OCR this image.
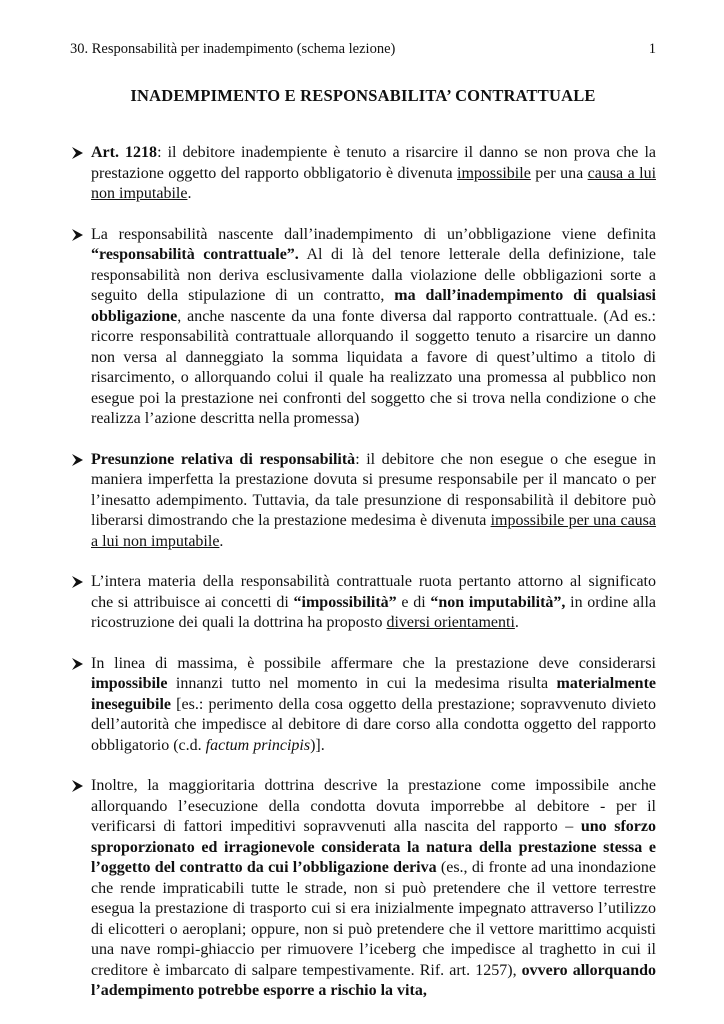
30. Responsabilità per inadempimento (schema lezione)	1
INADEMPIMENTO E RESPONSABILITA’ CONTRATTUALE
Art. 1218: il debitore inadempiente è tenuto a risarcire il danno se non prova che la prestazione oggetto del rapporto obbligatorio è divenuta impossibile per una causa a lui non imputabile.
La responsabilità nascente dall’inadempimento di un’obbligazione viene definita “responsabilità contrattuale”. Al di là del tenore letterale della definizione, tale responsabilità non deriva esclusivamente dalla violazione delle obbligazioni sorte a seguito della stipulazione di un contratto, ma dall’inadempimento di qualsiasi obbligazione, anche nascente da una fonte diversa dal rapporto contrattuale. (Ad es.: ricorre responsabilità contrattuale allorquando il soggetto tenuto a risarcire un danno non versa al danneggiato la somma liquidata a favore di quest’ultimo a titolo di risarcimento, o allorquando colui il quale ha realizzato una promessa al pubblico non esegue poi la prestazione nei confronti del soggetto che si trova nella condizione o che realizza l’azione descritta nella promessa)
Presunzione relativa di responsabilità: il debitore che non esegue o che esegue in maniera imperfetta la prestazione dovuta si presume responsabile per il mancato o per l’inesatto adempimento. Tuttavia, da tale presunzione di responsabilità il debitore può liberarsi dimostrando che la prestazione medesima è divenuta impossibile per una causa a lui non imputabile.
L’intera materia della responsabilità contrattuale ruota pertanto attorno al significato che si attribuisce ai concetti di “impossibilità” e di “non imputabilità”, in ordine alla ricostruzione dei quali la dottrina ha proposto diversi orientamenti.
In linea di massima, è possibile affermare che la prestazione deve considerarsi impossibile innanzi tutto nel momento in cui la medesima risulta materialmente ineseguibile [es.: perimento della cosa oggetto della prestazione; sopravvenuto divieto dell’autorità che impedisce al debitore di dare corso alla condotta oggetto del rapporto obbligatorio (c.d. factum principis)].
Inoltre, la maggioritaria dottrina descrive la prestazione come impossibile anche allorquando l’esecuzione della condotta dovuta imporrebbe al debitore - per il verificarsi di fattori impeditivi sopravvenuti alla nascita del rapporto – uno sforzo sproporzionato ed irragionevole considerata la natura della prestazione stessa e l’oggetto del contratto da cui l’obbligazione deriva (es., di fronte ad una inondazione che rende impraticabili tutte le strade, non si può pretendere che il vettore terrestre esegua la prestazione di trasporto cui si era inizialmente impegnato attraverso l’utilizzo di elicotteri o aeroplani; oppure, non si può pretendere che il vettore marittimo acquisti una nave rompi-ghiaccio per rimuovere l’iceberg che impedisce al traghetto in cui il creditore è imbarcato di salpare tempestivamente. Rif. art. 1257), ovvero allorquando l’adempimento potrebbe esporre a rischio la vita,
